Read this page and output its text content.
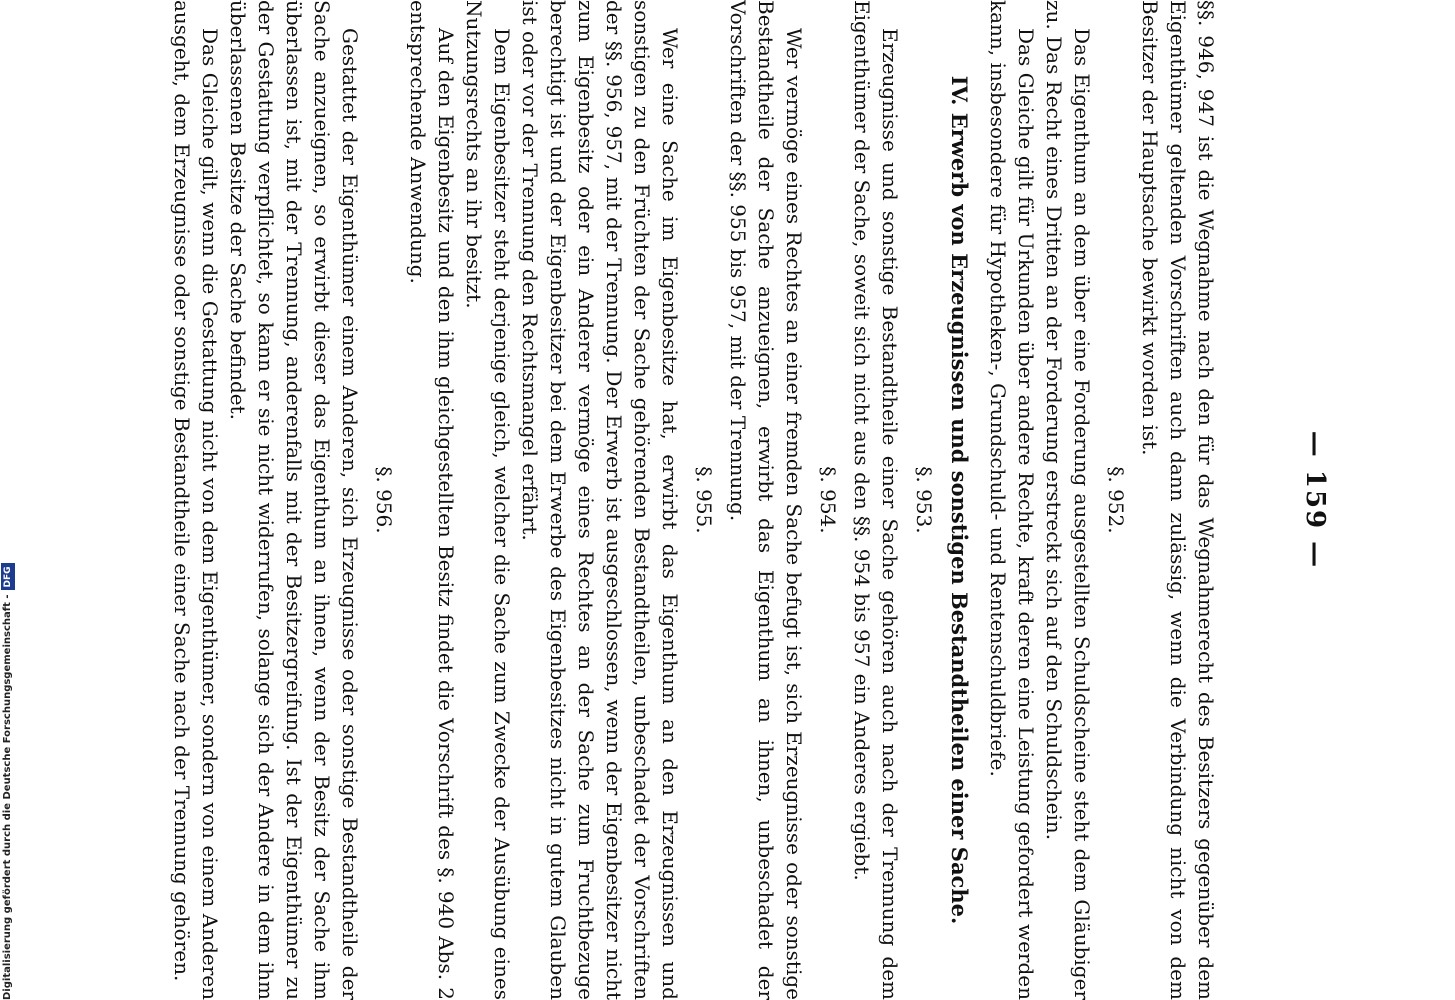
— 159 —

§§. 946, 947 ist die Wegnahme nach den für das Wegnahmerecht des Besitzers gegenüber dem Eigenthümer geltenden Vorschriften auch dann zulässig, wenn die Verbindung nicht von dem Besitzer der Hauptsache bewirkt worden ist.

§. 952.

Das Eigenthum an dem über eine Forderung ausgestellten Schuldscheine steht dem Gläubiger zu. Das Recht eines Dritten an der Forderung erstreckt sich auf den Schuldschein.

Das Gleiche gilt für Urkunden über andere Rechte, kraft deren eine Leistung gefordert werden kann, insbesondere für Hypotheken-, Grundschuld- und Rentenschuldbriefe.

IV. Erwerb von Erzeugnissen und sonstigen Bestandtheilen einer Sache.
§. 953.

Erzeugnisse und sonstige Bestandtheile einer Sache gehören auch nach der Trennung dem Eigenthümer der Sache, soweit sich nicht aus den §§. 954 bis 957 ein Anderes ergiebt.

§. 954.

Wer vermöge eines Rechtes an einer fremden Sache befugt ist, sich Erzeugnisse oder sonstige Bestandtheile der Sache anzueignen, erwirbt das Eigenthum an ihnen, unbeschadet der Vorschriften der §§. 955 bis 957, mit der Trennung.

§. 955.

Wer eine Sache im Eigenbesitze hat, erwirbt das Eigenthum an den Erzeugnissen und sonstigen zu den Früchten der Sache gehörenden Bestandtheilen, unbeschadet der Vorschriften der §§. 956, 957, mit der Trennung. Der Erwerb ist ausgeschlossen, wenn der Eigenbesitzer nicht zum Eigenbesitz oder ein Anderer vermöge eines Rechtes an der Sache zum Fruchtbezuge berechtigt ist und der Eigenbesitzer bei dem Erwerbe des Eigenbesitzes nicht in gutem Glauben ist oder vor der Trennung den Rechtsmangel erfährt.

Dem Eigenbesitzer steht derjenige gleich, welcher die Sache zum Zwecke der Ausübung eines Nutzungsrechts an ihr besitzt.

Auf den Eigenbesitz und den ihm gleichgestellten Besitz findet die Vorschrift des §. 940 Abs. 2 entsprechende Anwendung.

§. 956.

Gestattet der Eigenthümer einem Anderen, sich Erzeugnisse oder sonstige Bestandtheile der Sache anzueignen, so erwirbt dieser das Eigenthum an ihnen, wenn der Besitz der Sache ihm überlassen ist, mit der Trennung, anderenfalls mit der Besitzergreifung. Ist der Eigenthümer zu der Gestattung verpflichtet, so kann er sie nicht widerrufen, solange sich der Andere in dem ihm überlassenen Besitze der Sache befindet.

Das Gleiche gilt, wenn die Gestattung nicht von dem Eigenthümer, sondern von einem Anderen ausgeht, dem Erzeugnisse oder sonstige Bestandtheile einer Sache nach der Trennung gehören.

Digitalisierung gefördert durch die Deutsche Forschungsgemeinschaft -DFG
